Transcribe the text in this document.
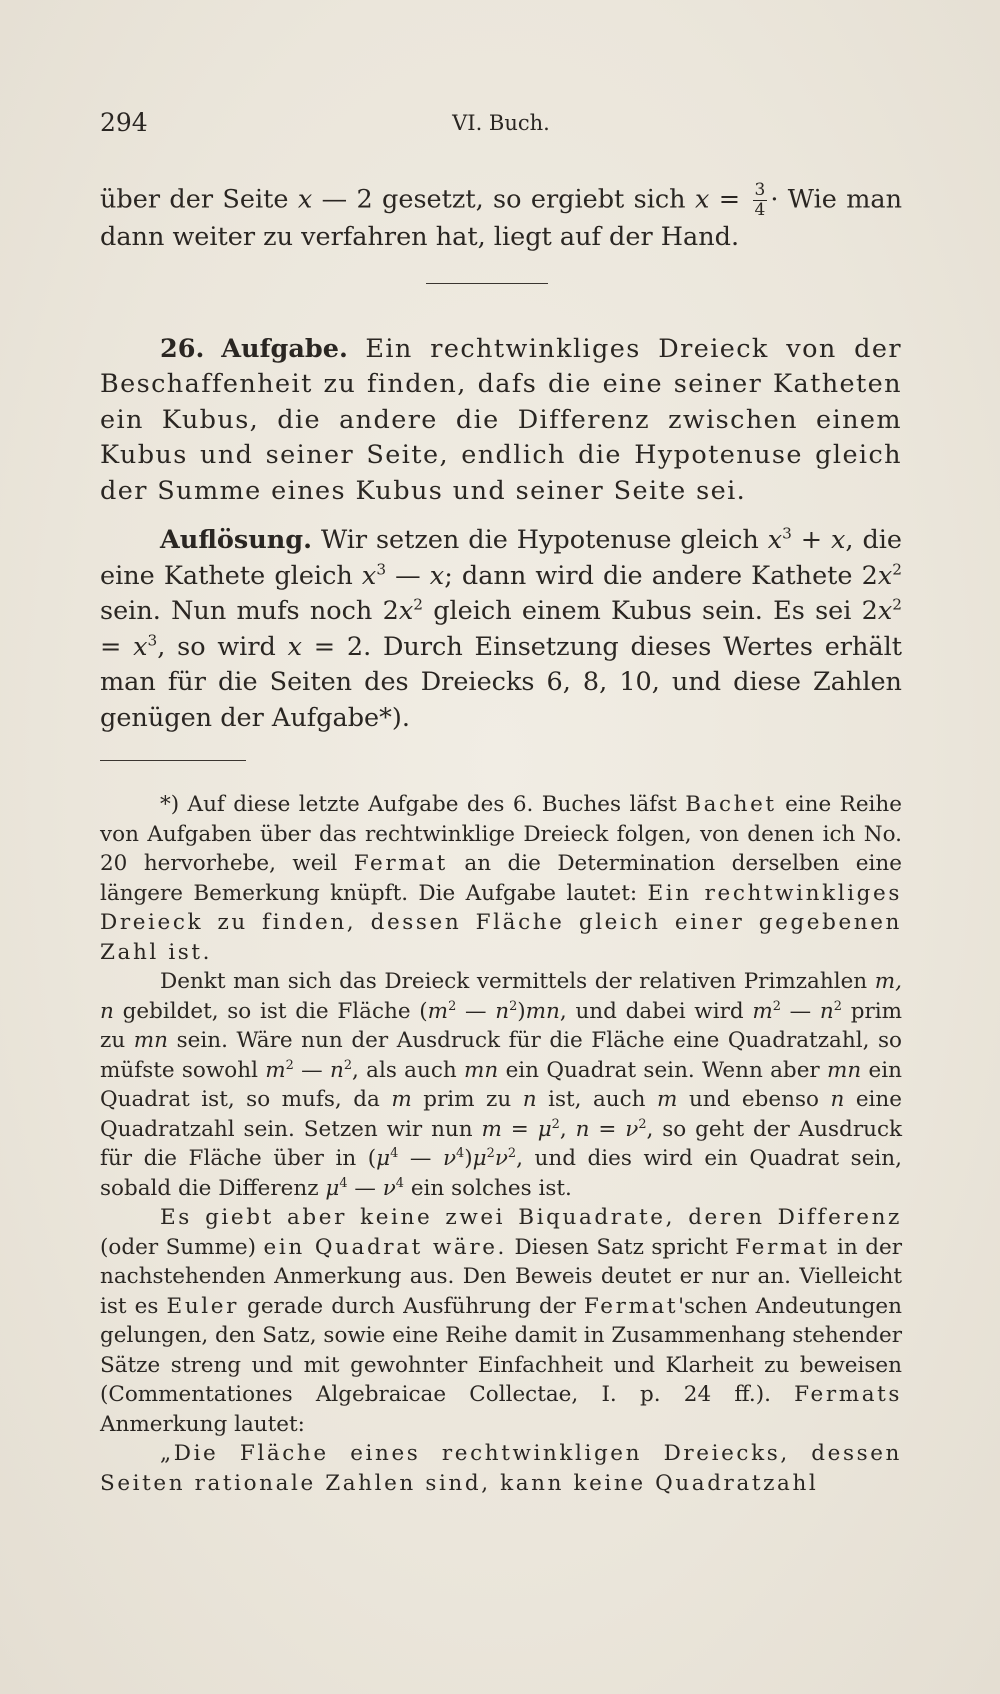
294	VI. Buch.

über der Seite x — 2 gesetzt, so ergiebt sich $x = \frac{3}{4}$ · Wie man dann weiter zu verfahren hat, liegt auf der Hand.

26. Aufgabe. Ein rechtwinkliges Dreieck von der Beschaffenheit zu finden, dafs die eine seiner Katheten ein Kubus, die andere die Differenz zwischen einem Kubus und seiner Seite, endlich die Hypotenuse gleich der Summe eines Kubus und seiner Seite sei.

Auflösung. Wir setzen die Hypotenuse gleich $x^3 + x$, die eine Kathete gleich $x^3$ — x; dann wird die andere Kathete $2x^2$ sein. Nun mufs noch $2x^2$ gleich einem Kubus sein. Es sei $2x^2 = x^3$, so wird x = 2. Durch Einsetzung dieses Wertes erhält man für die Seiten des Dreiecks 6, 8, 10, und diese Zahlen genügen der Aufgabe*).

*) Auf diese letzte Aufgabe des 6. Buches läfst Bachet eine Reihe von Aufgaben über das rechtwinklige Dreieck folgen, von denen ich No. 20 hervorhebe, weil Fermat an die Determination derselben eine längere Bemerkung knüpft. Die Aufgabe lautet: Ein rechtwinkliges Dreieck zu finden, dessen Fläche gleich einer gegebenen Zahl ist.

Denkt man sich das Dreieck vermittels der relativen Primzahlen m, n gebildet, so ist die Fläche ($m^2$ — $n^2)mn$, und dabei wird $m^2$ — $n^2$ prim zu mn sein. Wäre nun der Ausdruck für die Fläche eine Quadratzahl, so müfste sowohl $m^2$ — $n^2$, als auch mn ein Quadrat sein. Wenn aber mn ein Quadrat ist, so mufs, da m prim zu n ist, auch m und ebenso n eine Quadratzahl sein. Setzen wir nun $m = \mu^2$, $n = \nu^2$, so geht der Ausdruck für die Fläche über in ($\mu^4$ — $\nu^4)\mu^2\nu^2$, und dies wird ein Quadrat sein, sobald die Differenz $\mu^4$ — $\nu^4$ ein solches ist.

Es giebt aber keine zwei Biquadrate, deren Differenz (oder Summe) ein Quadrat wäre. Diesen Satz spricht Fermat in der nachstehenden Anmerkung aus. Den Beweis deutet er nur an. Vielleicht ist es Euler gerade durch Ausführung der Fermat'schen Andeutungen gelungen, den Satz, sowie eine Reihe damit in Zusammenhang stehender Sätze streng und mit gewohnter Einfachheit und Klarheit zu beweisen (Commentationes Algebraicae Collectae, I. p. 24 ff.). Fermats Anmerkung lautet:

„Die Fläche eines rechtwinkligen Dreiecks, dessen Seiten rationale Zahlen sind, kann keine Quadratzahl
